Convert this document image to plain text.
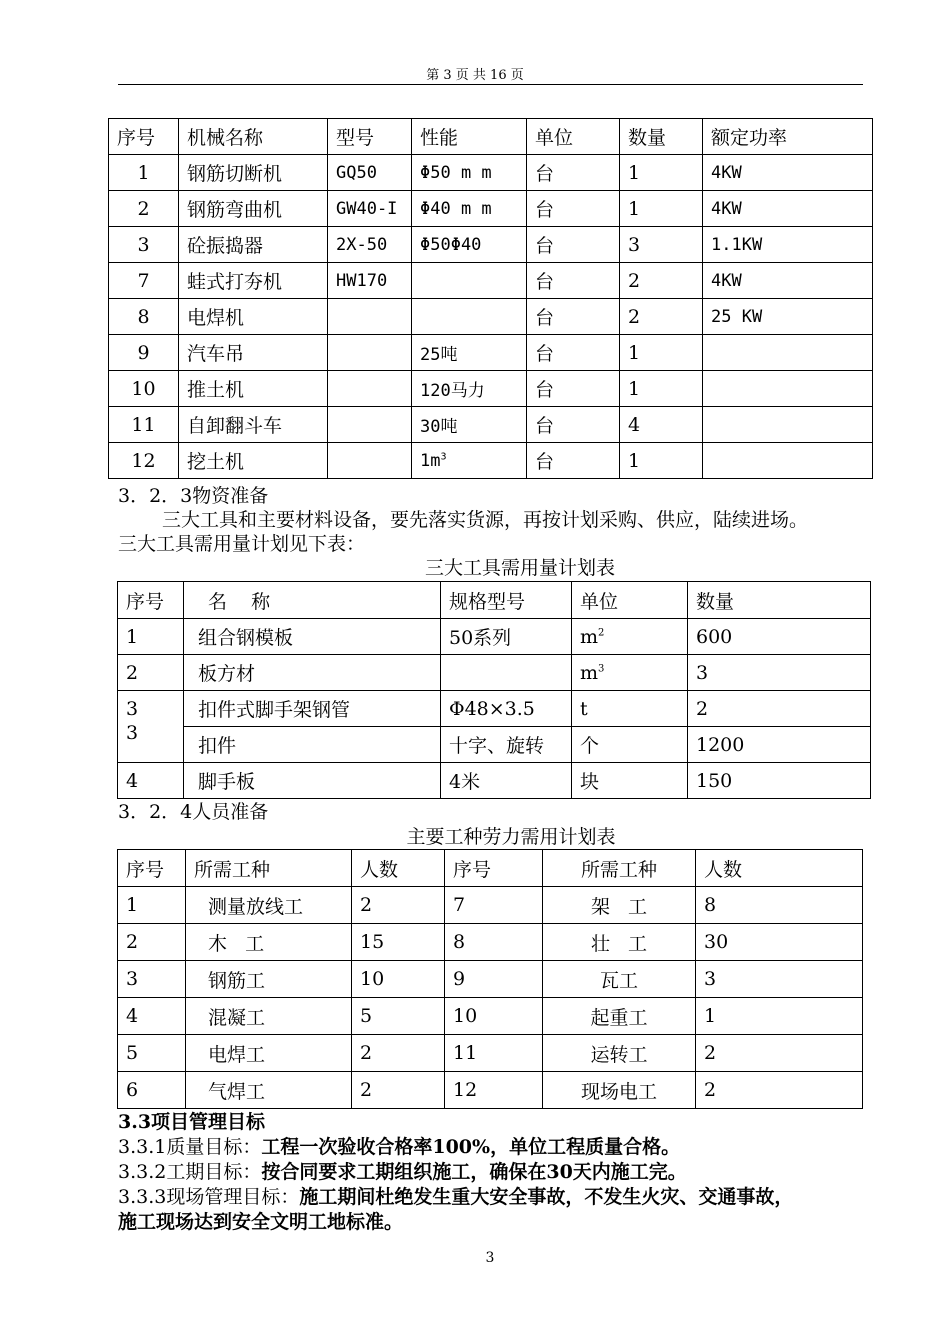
第 3 页 共 16 页
序号	机械名称	型号	性能	单位	数量	额定功率
1	钢筋切断机	GQ50	Φ50 m m	台	1	4KW
2	钢筋弯曲机	GW40-I	Φ40 m m	台	1	4KW
3	砼振捣器	2X-50	Φ50Φ40	台	3	1.1KW
7	蛙式打夯机	HW170		台	2	4KW
8	电焊机			台	2	25 KW
9	汽车吊		25吨	台	1	
10	推土机		120马力	台	1	
11	自卸翻斗车		30吨	台	4	
12	挖土机		$1m^3$	台	1	
3．2．3物资准备
三大工具和主要材料设备，要先落实货源，再按计划采购、供应，陆续进场。
三大工具需用量计划见下表：
三大工具需用量计划表
序号	名    称	规格型号	单位	数量
1	组合钢模板	50系列	$m^2$	600
2	板方材		$m^3$	3

3
3	扣件式脚手架钢管	Φ48×3.5	t	2
	扣件	十字、旋转	个	1200
4	脚手板	4米	块	150
3．2．4人员准备
主要工种劳力需用计划表
序号	所需工种	人数	序号	所需工种	人数
1	测量放线工	2	7	架   工	8
2	木   工	15	8	壮   工	30
3	钢筋工	10	9	瓦工	3
4	混凝工	5	10	起重工	1
5	电焊工	2	11	运转工	2
6	气焊工	2	12	现场电工	2
3.3项目管理目标
3.3.1质量目标：工程一次验收合格率100%，单位工程质量合格。
3.3.2工期目标：按合同要求工期组织施工，确保在30天内施工完。
3.3.3现场管理目标：施工期间杜绝发生重大安全事故，不发生火灾、交通事故，
施工现场达到安全文明工地标准。
3
